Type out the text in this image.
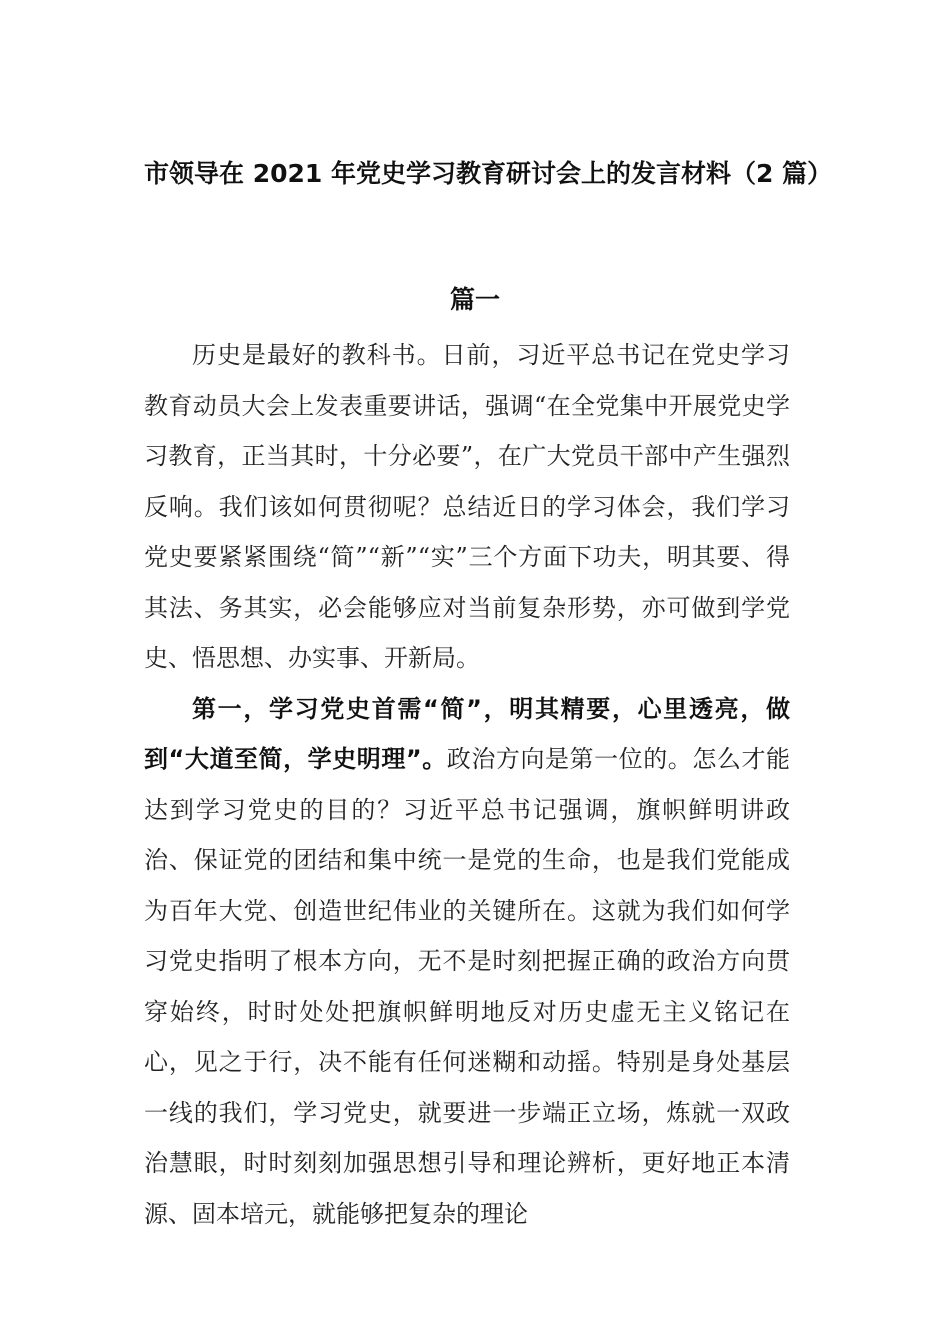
市领导在 2021 年党史学习教育研讨会上的发言材料（2 篇）
篇一

历史是最好的教科书。日前，习近平总书记在党史学习教育动员大会上发表重要讲话，强调“在全党集中开展党史学习教育，正当其时，十分必要”，在广大党员干部中产生强烈反响。我们该如何贯彻呢？总结近日的学习体会，我们学习党史要紧紧围绕“简”“新”“实”三个方面下功夫，明其要、得其法、务其实，必会能够应对当前复杂形势，亦可做到学党史、悟思想、办实事、开新局。

第一，学习党史首需“简”，明其精要，心里透亮，做到“大道至简，学史明理”。政治方向是第一位的。怎么才能达到学习党史的目的？习近平总书记强调，旗帜鲜明讲政治、保证党的团结和集中统一是党的生命，也是我们党能成为百年大党、创造世纪伟业的关键所在。这就为我们如何学习党史指明了根本方向，无不是时刻把握正确的政治方向贯穿始终，时时处处把旗帜鲜明地反对历史虚无主义铭记在心，见之于行，决不能有任何迷糊和动摇。特别是身处基层一线的我们，学习党史，就要进一步端正立场，炼就一双政治慧眼，时时刻刻加强思想引导和理论辨析，更好地正本清源、固本培元，就能够把复杂的理论
